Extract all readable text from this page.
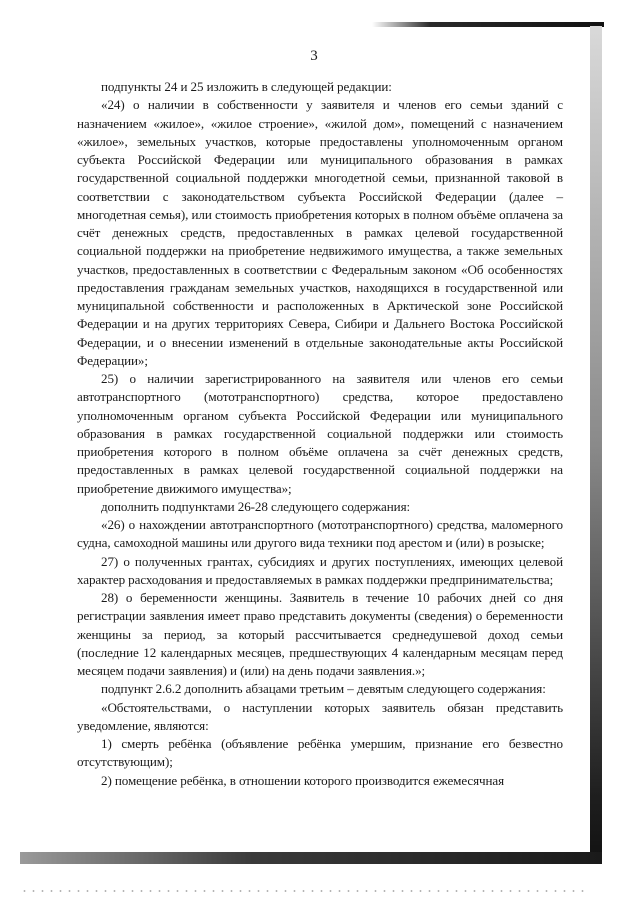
3

подпункты 24 и 25 изложить в следующей редакции:

«24) о наличии в собственности у заявителя и членов его семьи зданий с назначением «жилое», «жилое строение», «жилой дом», помещений с назначением «жилое», земельных участков, которые предоставлены уполномоченным органом субъекта Российской Федерации или муниципального образования в рамках государственной социальной поддержки многодетной семьи, признанной таковой в соответствии с законодательством субъекта Российской Федерации (далее – многодетная семья), или стоимость приобретения которых в полном объёме оплачена за счёт денежных средств, предоставленных в рамках целевой государственной социальной поддержки на приобретение недвижимого имущества, а также земельных участков, предоставленных в соответствии с Федеральным законом «Об особенностях предоставления гражданам земельных участков, находящихся в государственной или муниципальной собственности и расположенных в Арктической зоне Российской Федерации и на других территориях Севера, Сибири и Дальнего Востока Российской Федерации, и о внесении изменений в отдельные законодательные акты Российской Федерации»;

25) о наличии зарегистрированного на заявителя или членов его семьи автотранспортного (мототранспортного) средства, которое предоставлено уполномоченным органом субъекта Российской Федерации или муниципального образования в рамках государственной социальной поддержки или стоимость приобретения которого в полном объёме оплачена за счёт денежных средств, предоставленных в рамках целевой государственной социальной поддержки на приобретение движимого имущества»;

дополнить подпунктами 26-28 следующего содержания:

«26) о нахождении автотранспортного (мототранспортного) средства, маломерного судна, самоходной машины или другого вида техники под арестом и (или) в розыске;

27) о полученных грантах, субсидиях и других поступлениях, имеющих целевой характер расходования и предоставляемых в рамках поддержки предпринимательства;

28) о беременности женщины. Заявитель в течение 10 рабочих дней со дня регистрации заявления имеет право представить документы (сведения) о беременности женщины за период, за который рассчитывается среднедушевой доход семьи (последние 12 календарных месяцев, предшествующих 4 календарным месяцам перед месяцем подачи заявления) и (или) на день подачи заявления.»;

подпункт 2.6.2 дополнить абзацами третьим – девятым следующего содержания:

«Обстоятельствами, о наступлении которых заявитель обязан представить уведомление, являются:

1) смерть ребёнка (объявление ребёнка умершим, признание его безвестно отсутствующим);

2) помещение ребёнка, в отношении которого производится ежемесячная
